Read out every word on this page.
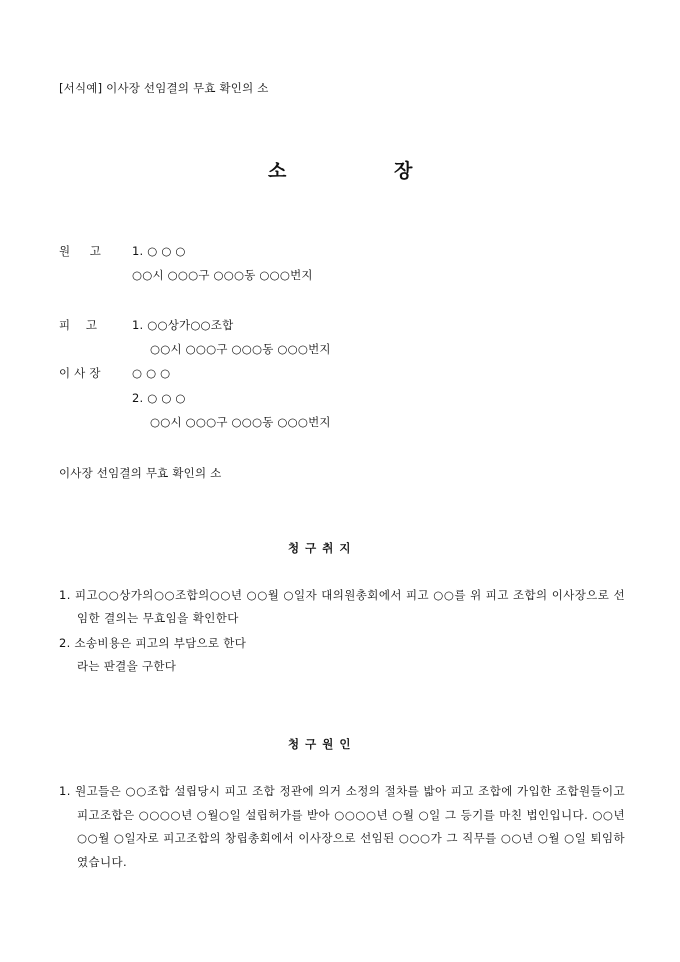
[서식예] 이사장 선임결의 무효 확인의 소
소	장
원 　 고	1. ○ ○ ○
○○시 ○○○구 ○○○동 ○○○번지
피 　고	1. ○○상가○○조합
○○시 ○○○구 ○○○동 ○○○번지
이 사 장	○ ○ ○
2. ○ ○ ○
○○시 ○○○구 ○○○동 ○○○번지
이사장 선임결의 무효 확인의 소
청 구 취 지
1. 피고○○상가의○○조합의○○년 ○○월 ○일자 대의원총회에서 피고 ○○를 위 피고 조합의 이사장으로 선임한 결의는 무효임을 확인한다
2. 소송비용은 피고의 부담으로 한다
라는 판결을 구한다
청 구 원 인
1. 원고들은 ○○조합 설립당시 피고 조합 정관에 의거 소정의 절차를 밟아 피고 조합에 가입한 조합원들이고 피고조합은 ○○○○년 ○월○일 설립허가를 받아 ○○○○년 ○월 ○일 그 등기를 마친 법인입니다. ○○년 ○○월 ○일자로 피고조합의 창립총회에서 이사장으로 선임된 ○○○가 그 직무를 ○○년 ○월 ○일 퇴임하였습니다.
